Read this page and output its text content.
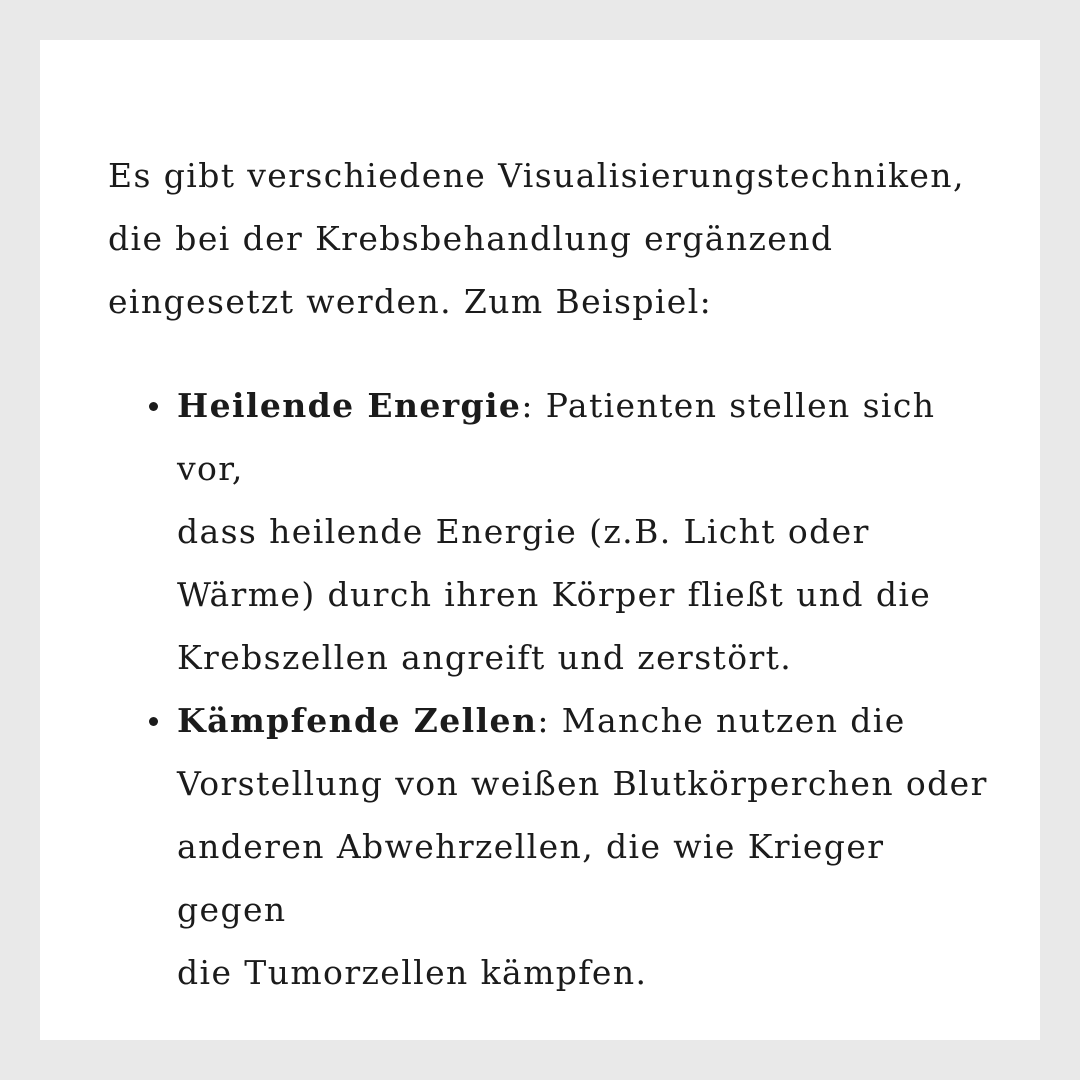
Es gibt verschiedene Visualisierungstechniken,
die bei der Krebsbehandlung ergänzend
eingesetzt werden. Zum Beispiel:

Heilende Energie: Patienten stellen sich vor,
dass heilende Energie (z.B. Licht oder
Wärme) durch ihren Körper fließt und die
Krebszellen angreift und zerstört.
Kämpfende Zellen: Manche nutzen die
Vorstellung von weißen Blutkörperchen oder
anderen Abwehrzellen, die wie Krieger gegen
die Tumorzellen kämpfen.
